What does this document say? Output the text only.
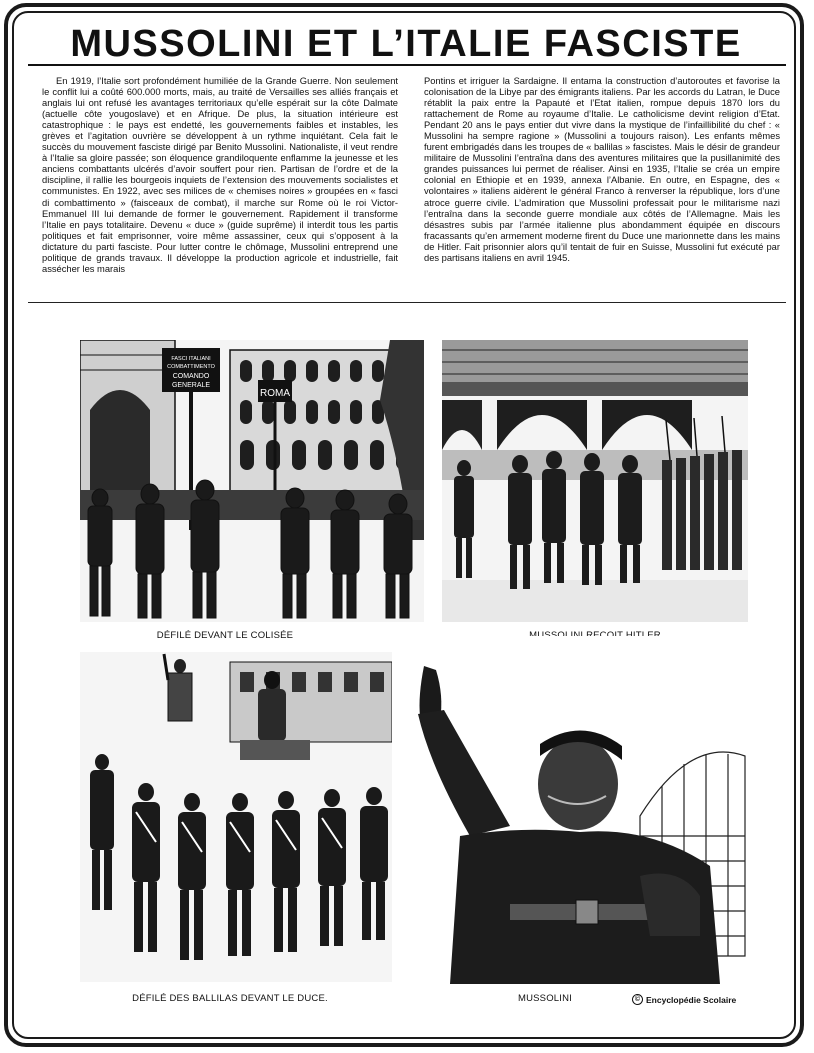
MUSSOLINI ET L’ITALIE FASCISTE

En 1919, l’Italie sort profondément humiliée de la Grande Guerre. Non seulement le conflit lui a coûté 600.000 morts, mais, au traité de Versailles ses alliés français et anglais lui ont refusé les avantages territoriaux qu’elle espérait sur la côte Dalmate (actuelle côte yougoslave) et en Afrique. De plus, la situation intérieure est catastrophique : le pays est endetté, les gouvernements faibles et instables, les grèves et l’agitation ouvrière se développent à un rythme inquiétant. Cela fait le succès du mouvement fasciste dirigé par Benito Mussolini. Nationaliste, il veut rendre à l’Italie sa gloire passée; son éloquence grandiloquente enflamme la jeunesse et les anciens combattants ulcérés d’avoir souffert pour rien. Partisan de l’ordre et de la discipline, il rallie les bourgeois inquiets de l’extension des mouvements socialistes et communistes. En 1922, avec ses milices de « chemises noires » groupées en « fasci di combattimento » (faisceaux de combat), il marche sur Rome où le roi Victor-Emmanuel III lui demande de former le gouvernement. Rapidement il transforme l’Italie en pays totalitaire. Devenu « duce » (guide suprême) il interdit tous les partis politiques et fait emprisonner, voire même assassiner, ceux qui s’opposent à la dictature du parti fasciste. Pour lutter contre le chômage, Mussolini entreprend une politique de grands travaux. Il développe la production agricole et industrielle, fait assécher les marais

Pontins et irriguer la Sardaigne. Il entama la construction d’autoroutes et favorise la colonisation de la Libye par des émigrants italiens. Par les accords du Latran, le Duce rétablit la paix entre la Papauté et l’Etat italien, rompue depuis 1870 lors du rattachement de Rome au royaume d’Italie. Le catholicisme devint religion d’Etat. Pendant 20 ans le pays entier dut vivre dans la mystique de l’infaillibilité du chef : « Mussolini ha sempre ragione » (Mussolini a toujours raison). Les enfants mêmes furent embrigadés dans les troupes de « ballilas » fascistes. Mais le désir de grandeur militaire de Mussolini l’entraîna dans des aventures militaires que la pusillanimité des grandes puissances lui permet de réaliser. Ainsi en 1935, l’Italie se créa un empire colonial en Ethiopie et en 1939, annexa l’Albanie. En outre, en Espagne, des « volontaires » italiens aidèrent le général Franco à renverser la république, lors d’une atroce guerre civile. L’admiration que Mussolini professait pour le militarisme nazi l’entraîna dans la seconde guerre mondiale aux côtés de l’Allemagne. Mais les désastres subis par l’armée italienne plus abondamment équipée en discours fracassants qu’en armement moderne firent du Duce une marionnette dans les mains de Hitler. Fait prisonnier alors qu’il tentait de fuir en Suisse, Mussolini fut exécuté par des partisans italiens en avril 1945.

FASCI ITALIANI
COMBATTIMENTO
COMANDO
GENERALE
ROMA
DÉFILÉ DEVANT LE COLISÉE
DÉFILÉ DES BALLILAS DEVANT LE DUCE.	MUSSOLINI	© Encyclopédie Scolaire
